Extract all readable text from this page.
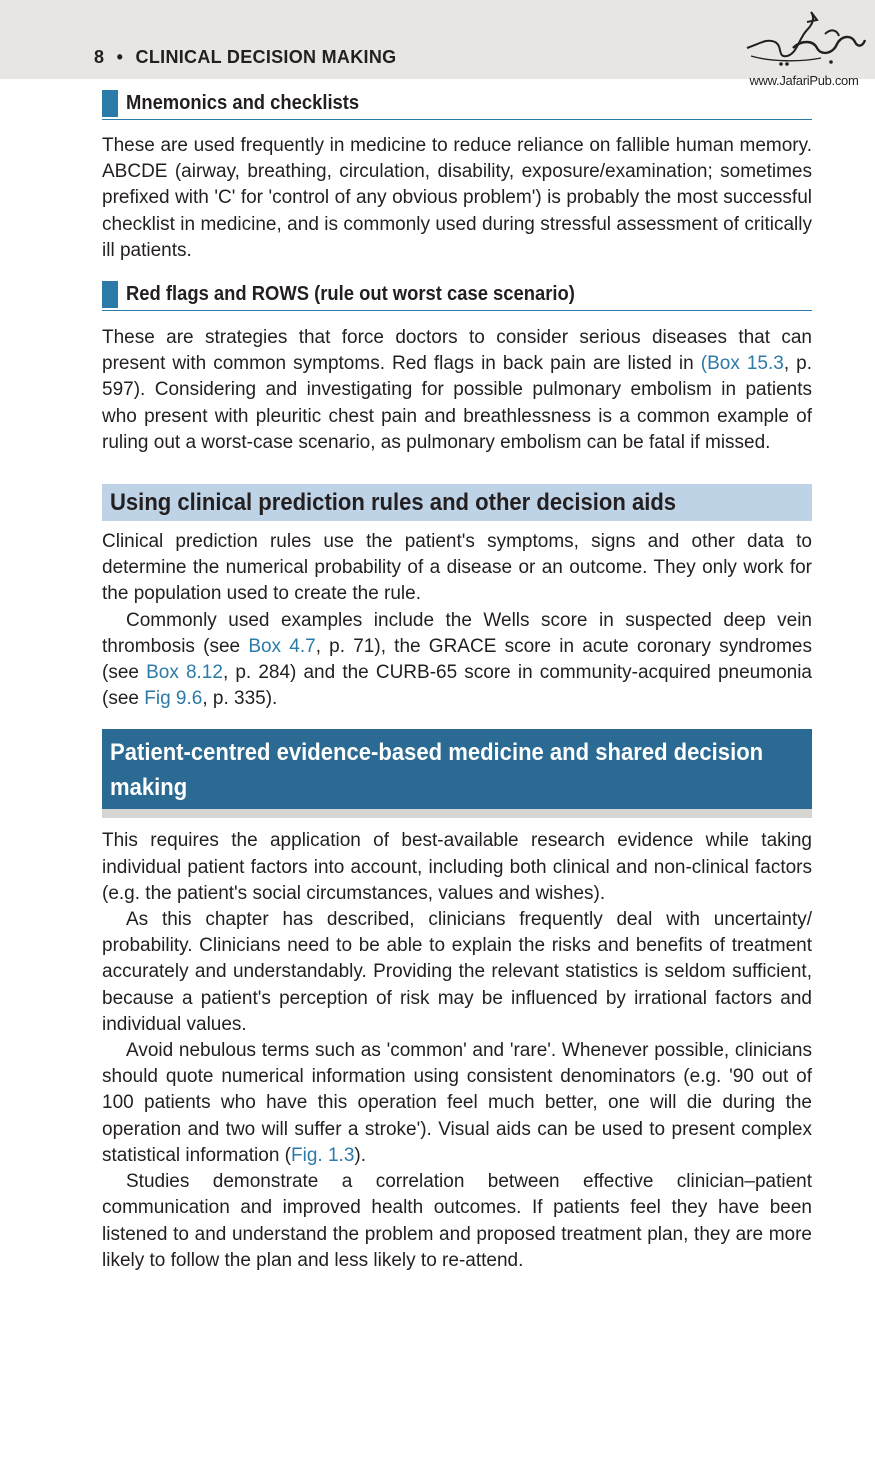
8 • CLINICAL DECISION MAKING
www.JafariPub.com
Mnemonics and checklists

These are used frequently in medicine to reduce reliance on fallible human memory. ABCDE (airway, breathing, circulation, disability, exposure/examination; sometimes prefixed with 'C' for 'control of any obvious problem') is probably the most successful checklist in medicine, and is commonly used during stressful assessment of critically ill patients.

Red flags and ROWS (rule out worst case scenario)

These are strategies that force doctors to consider serious diseases that can present with common symptoms. Red flags in back pain are listed in (Box 15.3, p. 597). Considering and investigating for possible pulmonary embolism in patients who present with pleuritic chest pain and breathlessness is a common example of ruling out a worst-case scenario, as pulmonary embolism can be fatal if missed.

Using clinical prediction rules and other decision aids

Clinical prediction rules use the patient's symptoms, signs and other data to determine the numerical probability of a disease or an outcome. They only work for the population used to create the rule.

Commonly used examples include the Wells score in suspected deep vein thrombosis (see Box 4.7, p. 71), the GRACE score in acute coronary syndromes (see Box 8.12, p. 284) and the CURB-65 score in community-acquired pneumonia (see Fig 9.6, p. 335).

Patient-centred evidence-based medicine and shared decision making

This requires the application of best-available research evidence while taking individual patient factors into account, including both clinical and non-clinical factors (e.g. the patient's social circumstances, values and wishes).

As this chapter has described, clinicians frequently deal with uncertainty/​probability. Clinicians need to be able to explain the risks and benefits of treatment accurately and understandably. Providing the relevant statistics is seldom sufficient, because a patient's perception of risk may be influenced by irrational factors and individual values.

Avoid nebulous terms such as 'common' and 'rare'. Whenever possible, clinicians should quote numerical information using consistent denominators (e.g. '90 out of 100 patients who have this operation feel much better, one will die during the operation and two will suffer a stroke'). Visual aids can be used to present complex statistical information (Fig. 1.3).

Studies demonstrate a correlation between effective clinician–patient communication and improved health outcomes. If patients feel they have been listened to and understand the problem and proposed treatment plan, they are more likely to follow the plan and less likely to re-attend.
